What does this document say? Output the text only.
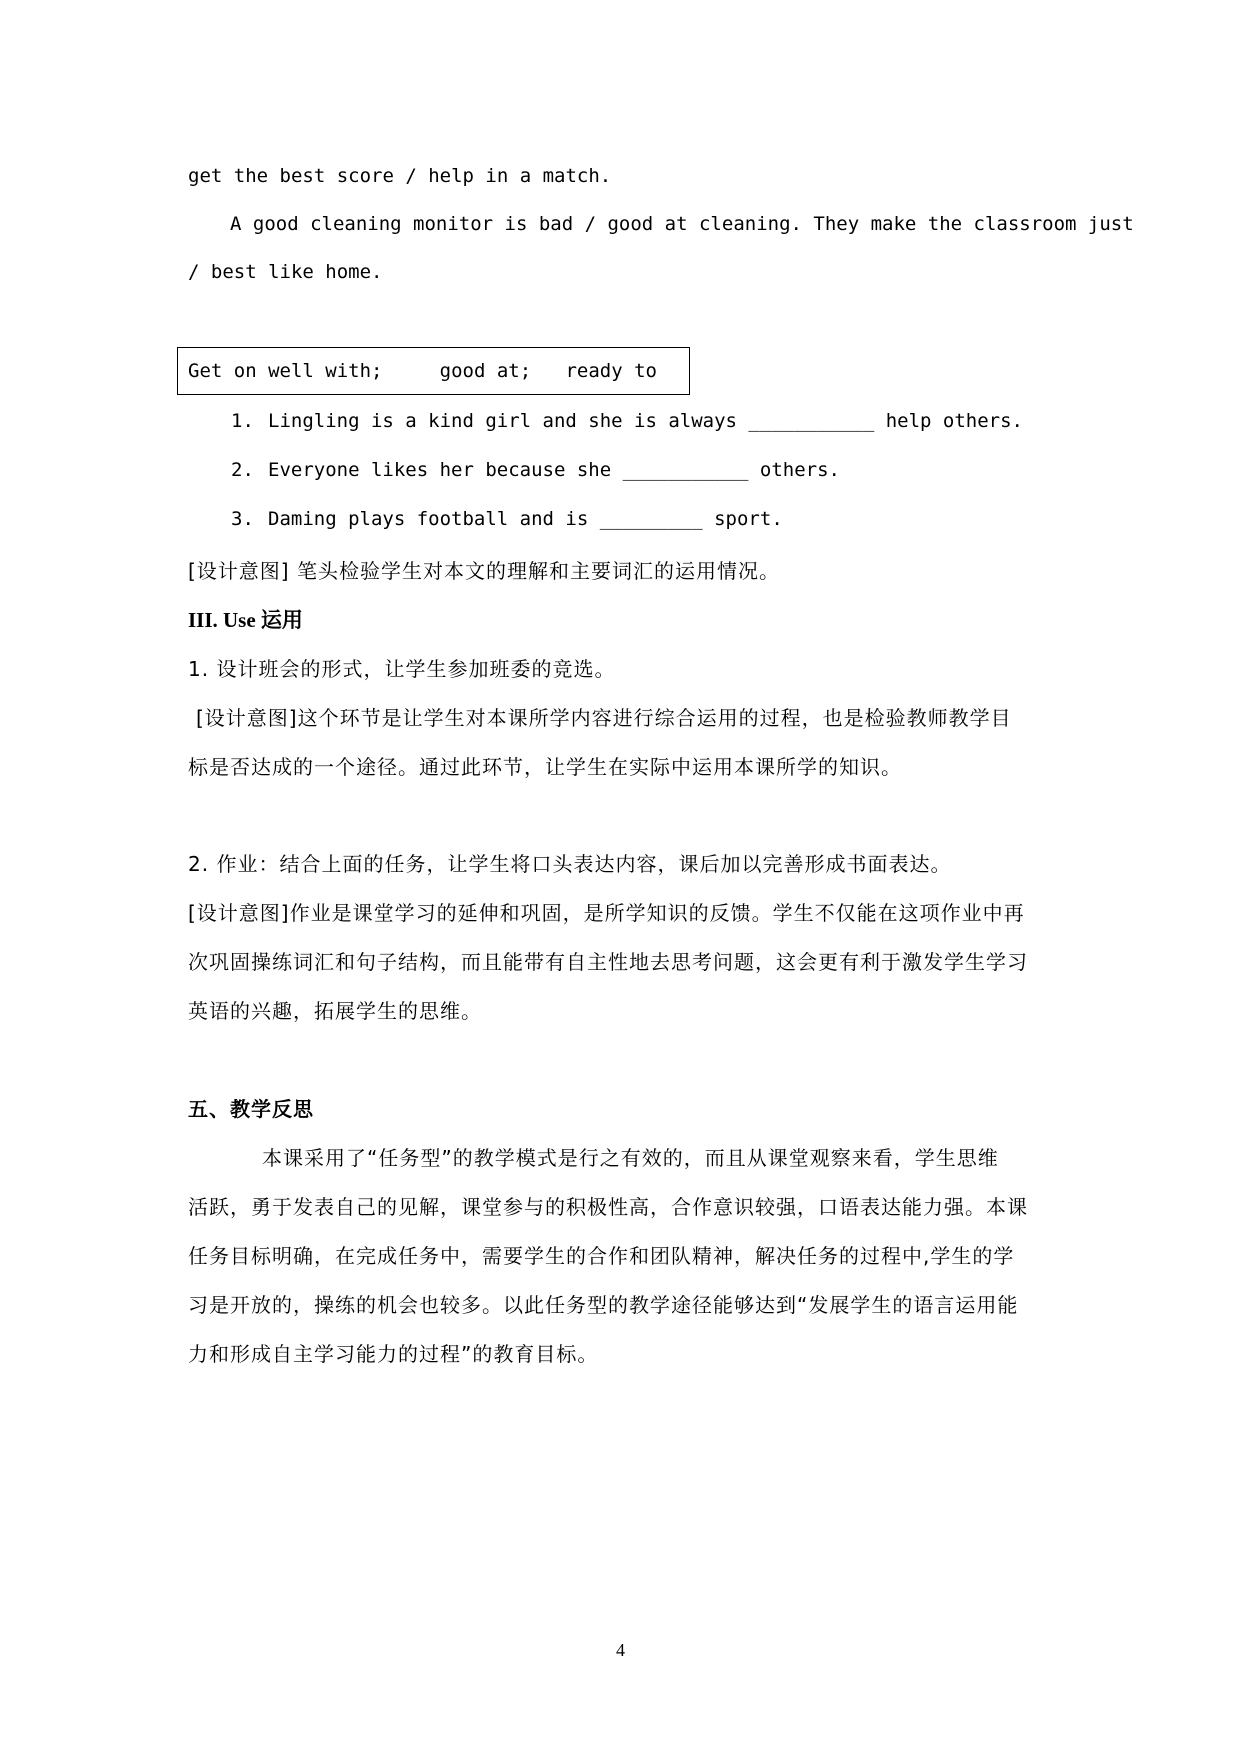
get the best score / help in a match.
A good cleaning monitor is bad / good at cleaning. They make the classroom just
/ best like home.
Get on well with;     good at;   ready to
1. Lingling is a kind girl and she is always ___________ help others.
2. Everyone likes her because she ___________ others.
3. Daming plays football and is _________ sport.
[设计意图] 笔头检验学生对本文的理解和主要词汇的运用情况。
III. Use 运用
1. 设计班会的形式，让学生参加班委的竞选。
[设计意图]这个环节是让学生对本课所学内容进行综合运用的过程，也是检验教师教学目
标是否达成的一个途径。通过此环节，让学生在实际中运用本课所学的知识。
2. 作业：结合上面的任务，让学生将口头表达内容，课后加以完善形成书面表达。
[设计意图]作业是课堂学习的延伸和巩固，是所学知识的反馈。学生不仅能在这项作业中再
次巩固操练词汇和句子结构，而且能带有自主性地去思考问题，这会更有利于激发学生学习
英语的兴趣，拓展学生的思维。
五、教学反思
本课采用了“任务型”的教学模式是行之有效的，而且从课堂观察来看，学生思维
活跃，勇于发表自己的见解，课堂参与的积极性高，合作意识较强，口语表达能力强。本课
任务目标明确，在完成任务中，需要学生的合作和团队精神，解决任务的过程中,学生的学
习是开放的，操练的机会也较多。以此任务型的教学途径能够达到“发展学生的语言运用能
力和形成自主学习能力的过程”的教育目标。
4
